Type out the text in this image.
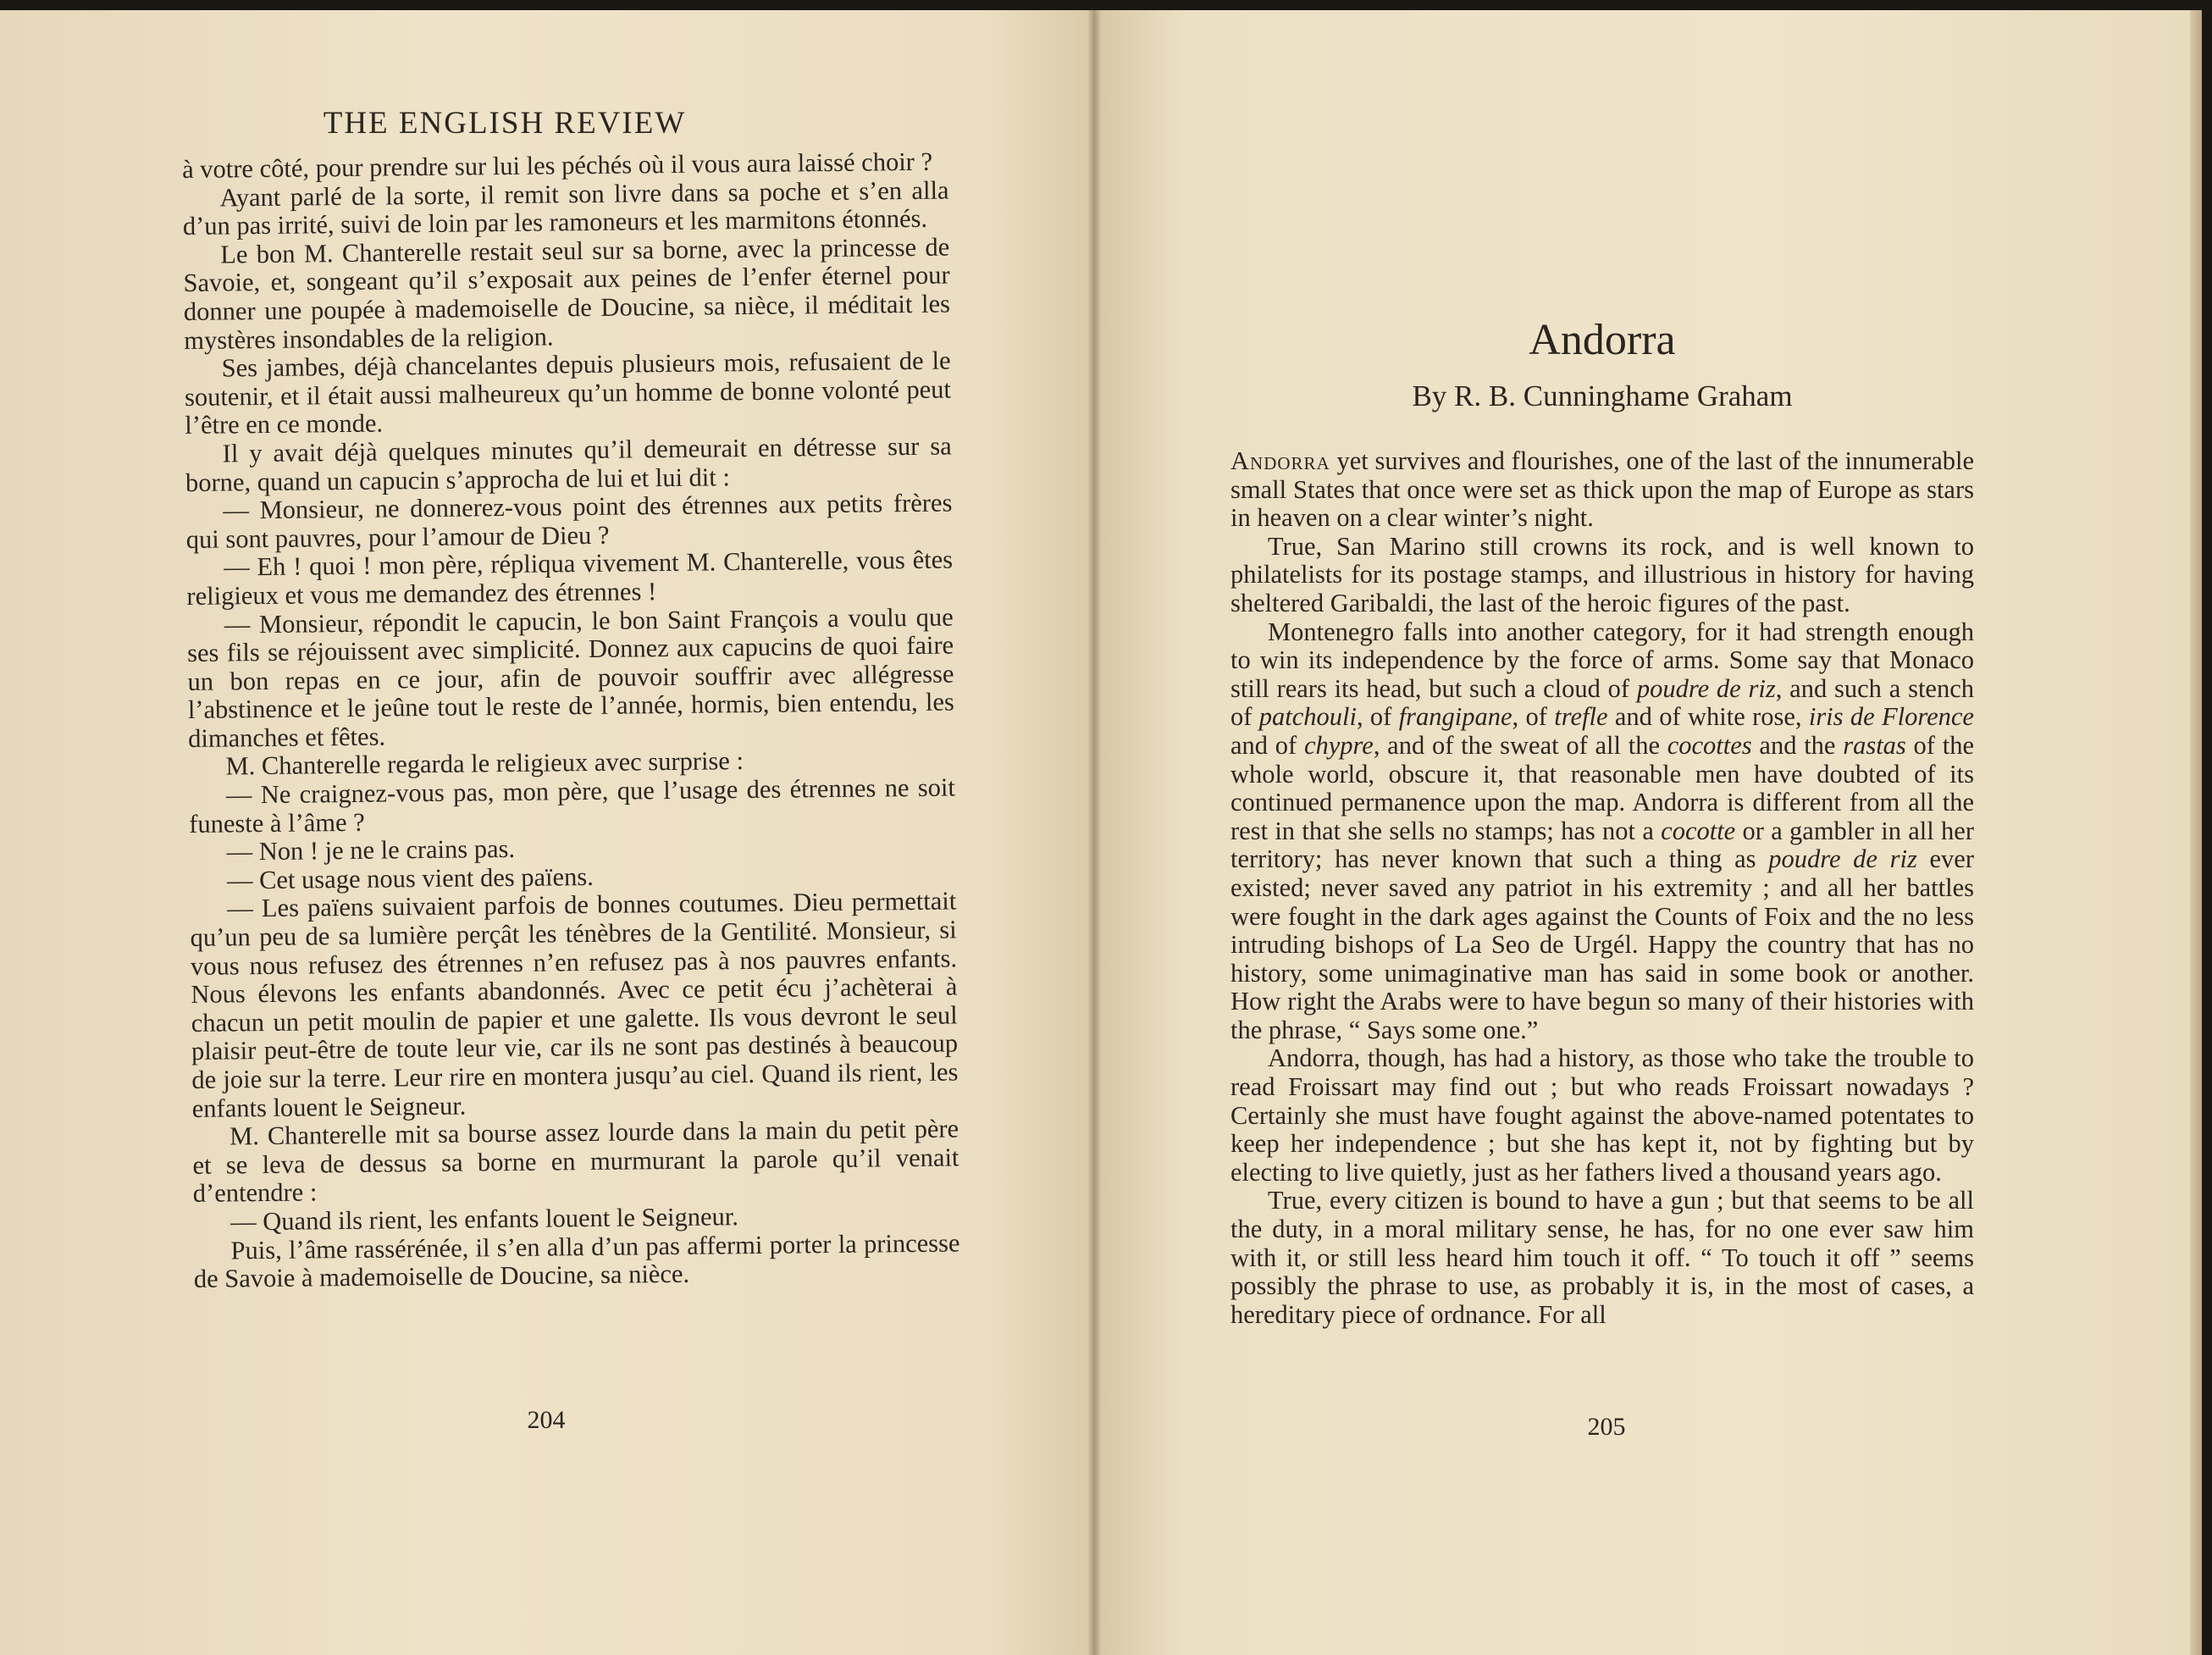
THE ENGLISH REVIEW

à votre côté, pour prendre sur lui les péchés où il vous aura laissé choir ?

Ayant parlé de la sorte, il remit son livre dans sa poche et s’en alla d’un pas irrité, suivi de loin par les ramoneurs et les marmitons étonnés.

Le bon M. Chanterelle restait seul sur sa borne, avec la princesse de Savoie, et, songeant qu’il s’exposait aux peines de l’enfer éternel pour donner une poupée à mademoiselle de Doucine, sa nièce, il méditait les mystères insondables de la religion.

Ses jambes, déjà chancelantes depuis plusieurs mois, refusaient de le soutenir, et il était aussi malheureux qu’un homme de bonne volonté peut l’être en ce monde.

Il y avait déjà quelques minutes qu’il demeurait en détresse sur sa borne, quand un capucin s’approcha de lui et lui dit :

— Monsieur, ne donnerez-vous point des étrennes aux petits frères qui sont pauvres, pour l’amour de Dieu ?

— Eh ! quoi ! mon père, répliqua vivement M. Chanterelle, vous êtes religieux et vous me demandez des étrennes !

— Monsieur, répondit le capucin, le bon Saint François a voulu que ses fils se réjouissent avec simplicité. Donnez aux capucins de quoi faire un bon repas en ce jour, afin de pouvoir souffrir avec allégresse l’abstinence et le jeûne tout le reste de l’année, hormis, bien entendu, les dimanches et fêtes.

M. Chanterelle regarda le religieux avec surprise :

— Ne craignez-vous pas, mon père, que l’usage des étrennes ne soit funeste à l’âme ?

— Non ! je ne le crains pas.

— Cet usage nous vient des païens.

— Les païens suivaient parfois de bonnes coutumes. Dieu permettait qu’un peu de sa lumière perçât les ténèbres de la Gentilité. Monsieur, si vous nous refusez des étrennes n’en refusez pas à nos pauvres enfants. Nous élevons les enfants abandonnés. Avec ce petit écu j’achèterai à chacun un petit moulin de papier et une galette. Ils vous devront le seul plaisir peut-être de toute leur vie, car ils ne sont pas destinés à beaucoup de joie sur la terre. Leur rire en montera jusqu’au ciel. Quand ils rient, les enfants louent le Seigneur.

M. Chanterelle mit sa bourse assez lourde dans la main du petit père et se leva de dessus sa borne en murmurant la parole qu’il venait d’entendre :

— Quand ils rient, les enfants louent le Seigneur.

Puis, l’âme rassérénée, il s’en alla d’un pas affermi porter la princesse de Savoie à mademoiselle de Doucine, sa nièce.

204
Andorra
By R. B. Cunninghame Graham

Andorra yet survives and flourishes, one of the last of the innumerable small States that once were set as thick upon the map of Europe as stars in heaven on a clear winter’s night.

True, San Marino still crowns its rock, and is well known to philatelists for its postage stamps, and illustrious in history for having sheltered Garibaldi, the last of the heroic figures of the past.

Montenegro falls into another category, for it had strength enough to win its independence by the force of arms. Some say that Monaco still rears its head, but such a cloud of poudre de riz, and such a stench of patchouli, of frangipane, of trefle and of white rose, iris de Florence and of chypre, and of the sweat of all the cocottes and the rastas of the whole world, obscure it, that reasonable men have doubted of its continued permanence upon the map. Andorra is different from all the rest in that she sells no stamps; has not a cocotte or a gambler in all her territory; has never known that such a thing as poudre de riz ever existed; never saved any patriot in his extremity ; and all her battles were fought in the dark ages against the Counts of Foix and the no less intruding bishops of La Seo de Urgél. Happy the country that has no history, some unimaginative man has said in some book or another. How right the Arabs were to have begun so many of their histories with the phrase, “ Says some one.”

Andorra, though, has had a history, as those who take the trouble to read Froissart may find out ; but who reads Froissart nowadays ? Certainly she must have fought against the above-named potentates to keep her independence ; but she has kept it, not by fighting but by electing to live quietly, just as her fathers lived a thousand years ago.

True, every citizen is bound to have a gun ; but that seems to be all the duty, in a moral military sense, he has, for no one ever saw him with it, or still less heard him touch it off. “ To touch it off ” seems possibly the phrase to use, as probably it is, in the most of cases, a hereditary piece of ordnance. For all

205
